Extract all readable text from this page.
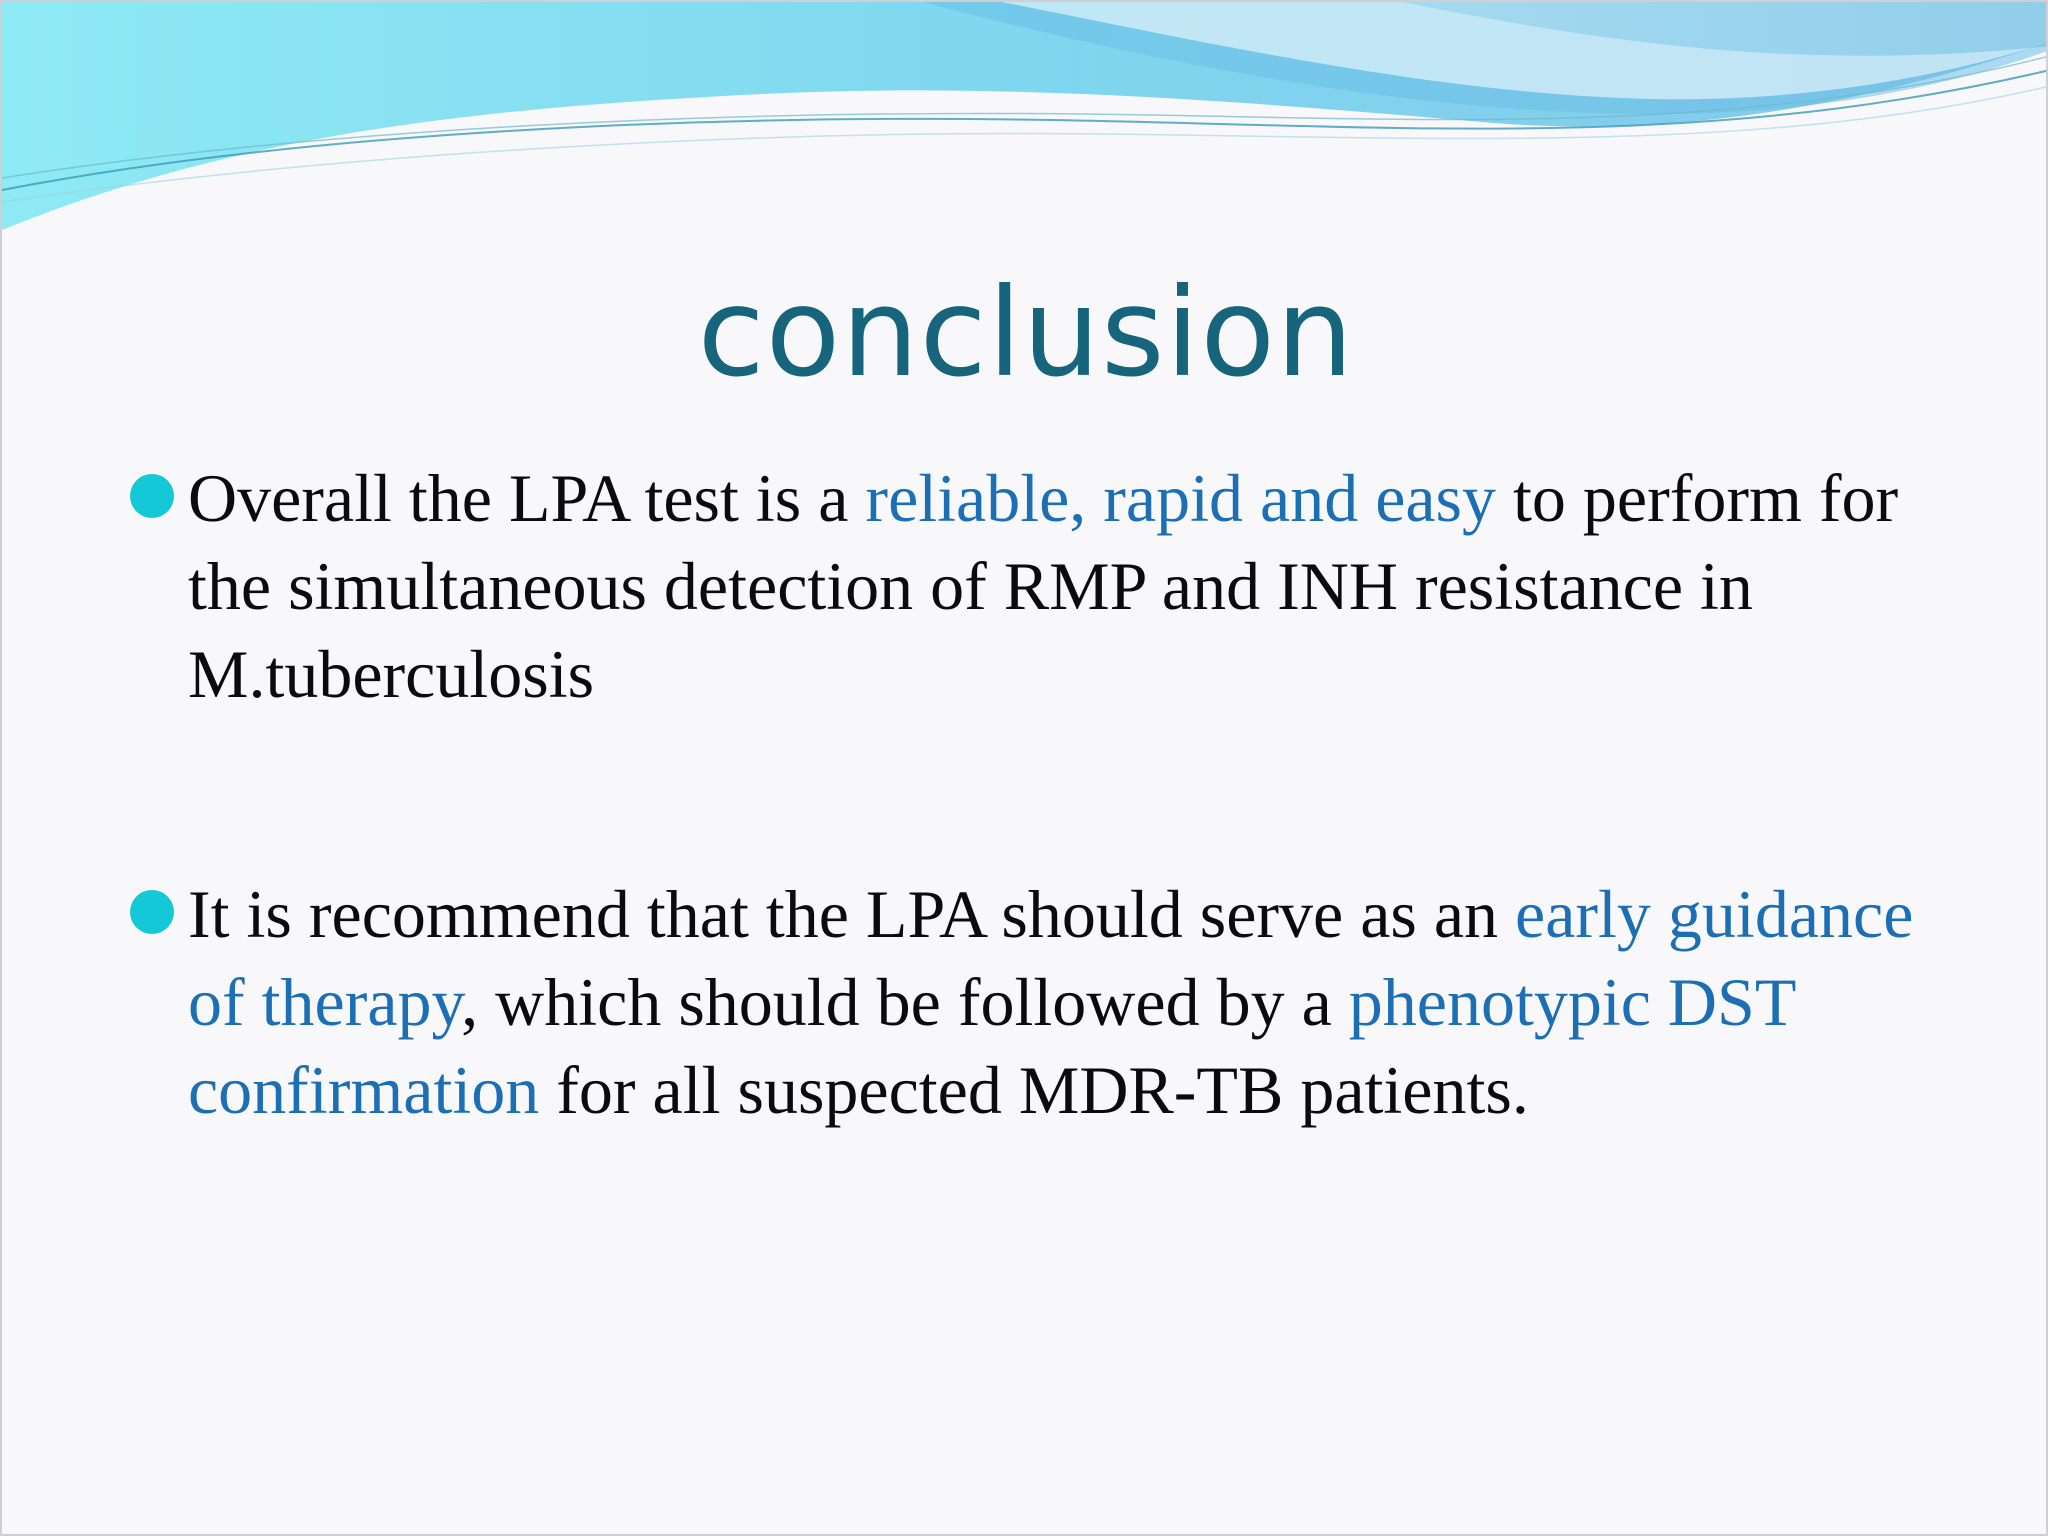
conclusion
Overall the LPA test is a reliable, rapid and easy to perform for the simultaneous detection of RMP and INH resistance in M.tuberculosis
It is recommend that the LPA should serve as an early guidance of therapy, which should be followed by a phenotypic DST confirmation for all suspected MDR-TB patients.
